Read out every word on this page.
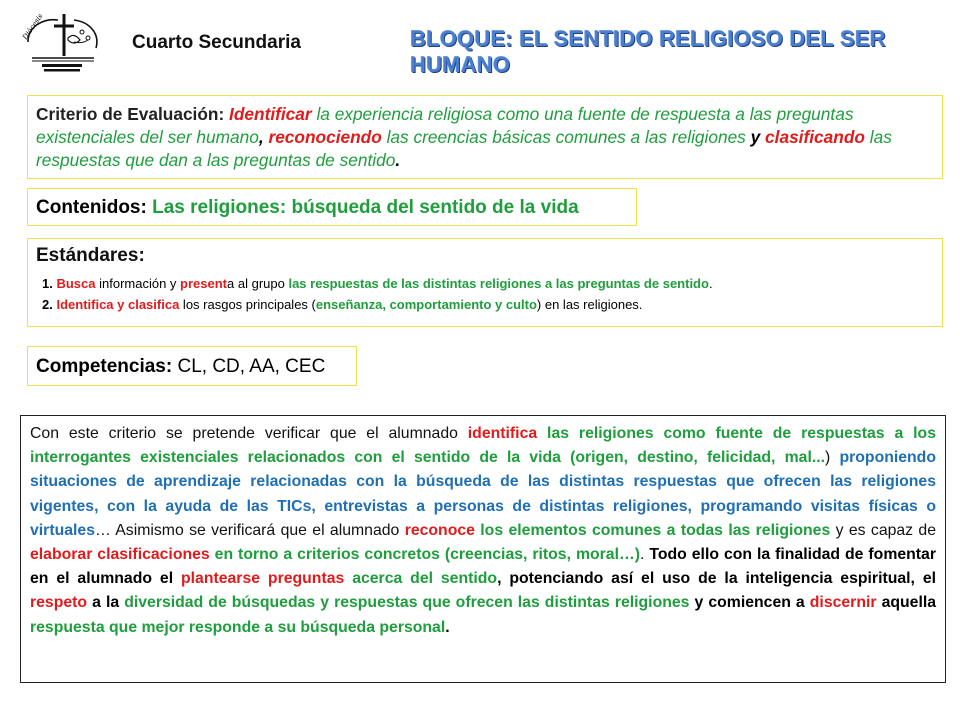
Diòcesis
Cuarto Secundaria	BLOQUE: EL SENTIDO RELIGIOSO DEL SER HUMANO
Criterio de Evaluación: Identificar la experiencia religiosa como una fuente de respuesta a las preguntas existenciales del ser humano, reconociendo las creencias básicas comunes a las religiones y clasificando las respuestas que dan a las preguntas de sentido.
Contenidos: Las religiones: búsqueda del sentido de la vida
Estándares:
1. Busca información y presenta al grupo las respuestas de las distintas religiones a las preguntas de sentido.
2. Identifica y clasifica los rasgos principales (enseñanza, comportamiento y culto) en las religiones.
Competencias: CL, CD, AA, CEC
Con este criterio se pretende verificar que el alumnado identifica las religiones como fuente de respuestas a los interrogantes existenciales relacionados con el sentido de la vida (origen, destino, felicidad, mal...) proponiendo situaciones de aprendizaje relacionadas con la búsqueda de las distintas respuestas que ofrecen las religiones vigentes, con la ayuda de las TICs, entrevistas a personas de distintas religiones, programando visitas físicas o virtuales… Asimismo se verificará que el alumnado reconoce los elementos comunes a todas las religiones y es capaz de elaborar clasificaciones en torno a criterios concretos (creencias, ritos, moral…). Todo ello con la finalidad de fomentar en el alumnado el plantearse preguntas acerca del sentido, potenciando así el uso de la inteligencia espiritual, el respeto a la diversidad de búsquedas y respuestas que ofrecen las distintas religiones y comiencen a discernir aquella respuesta que mejor responde a su búsqueda personal.
